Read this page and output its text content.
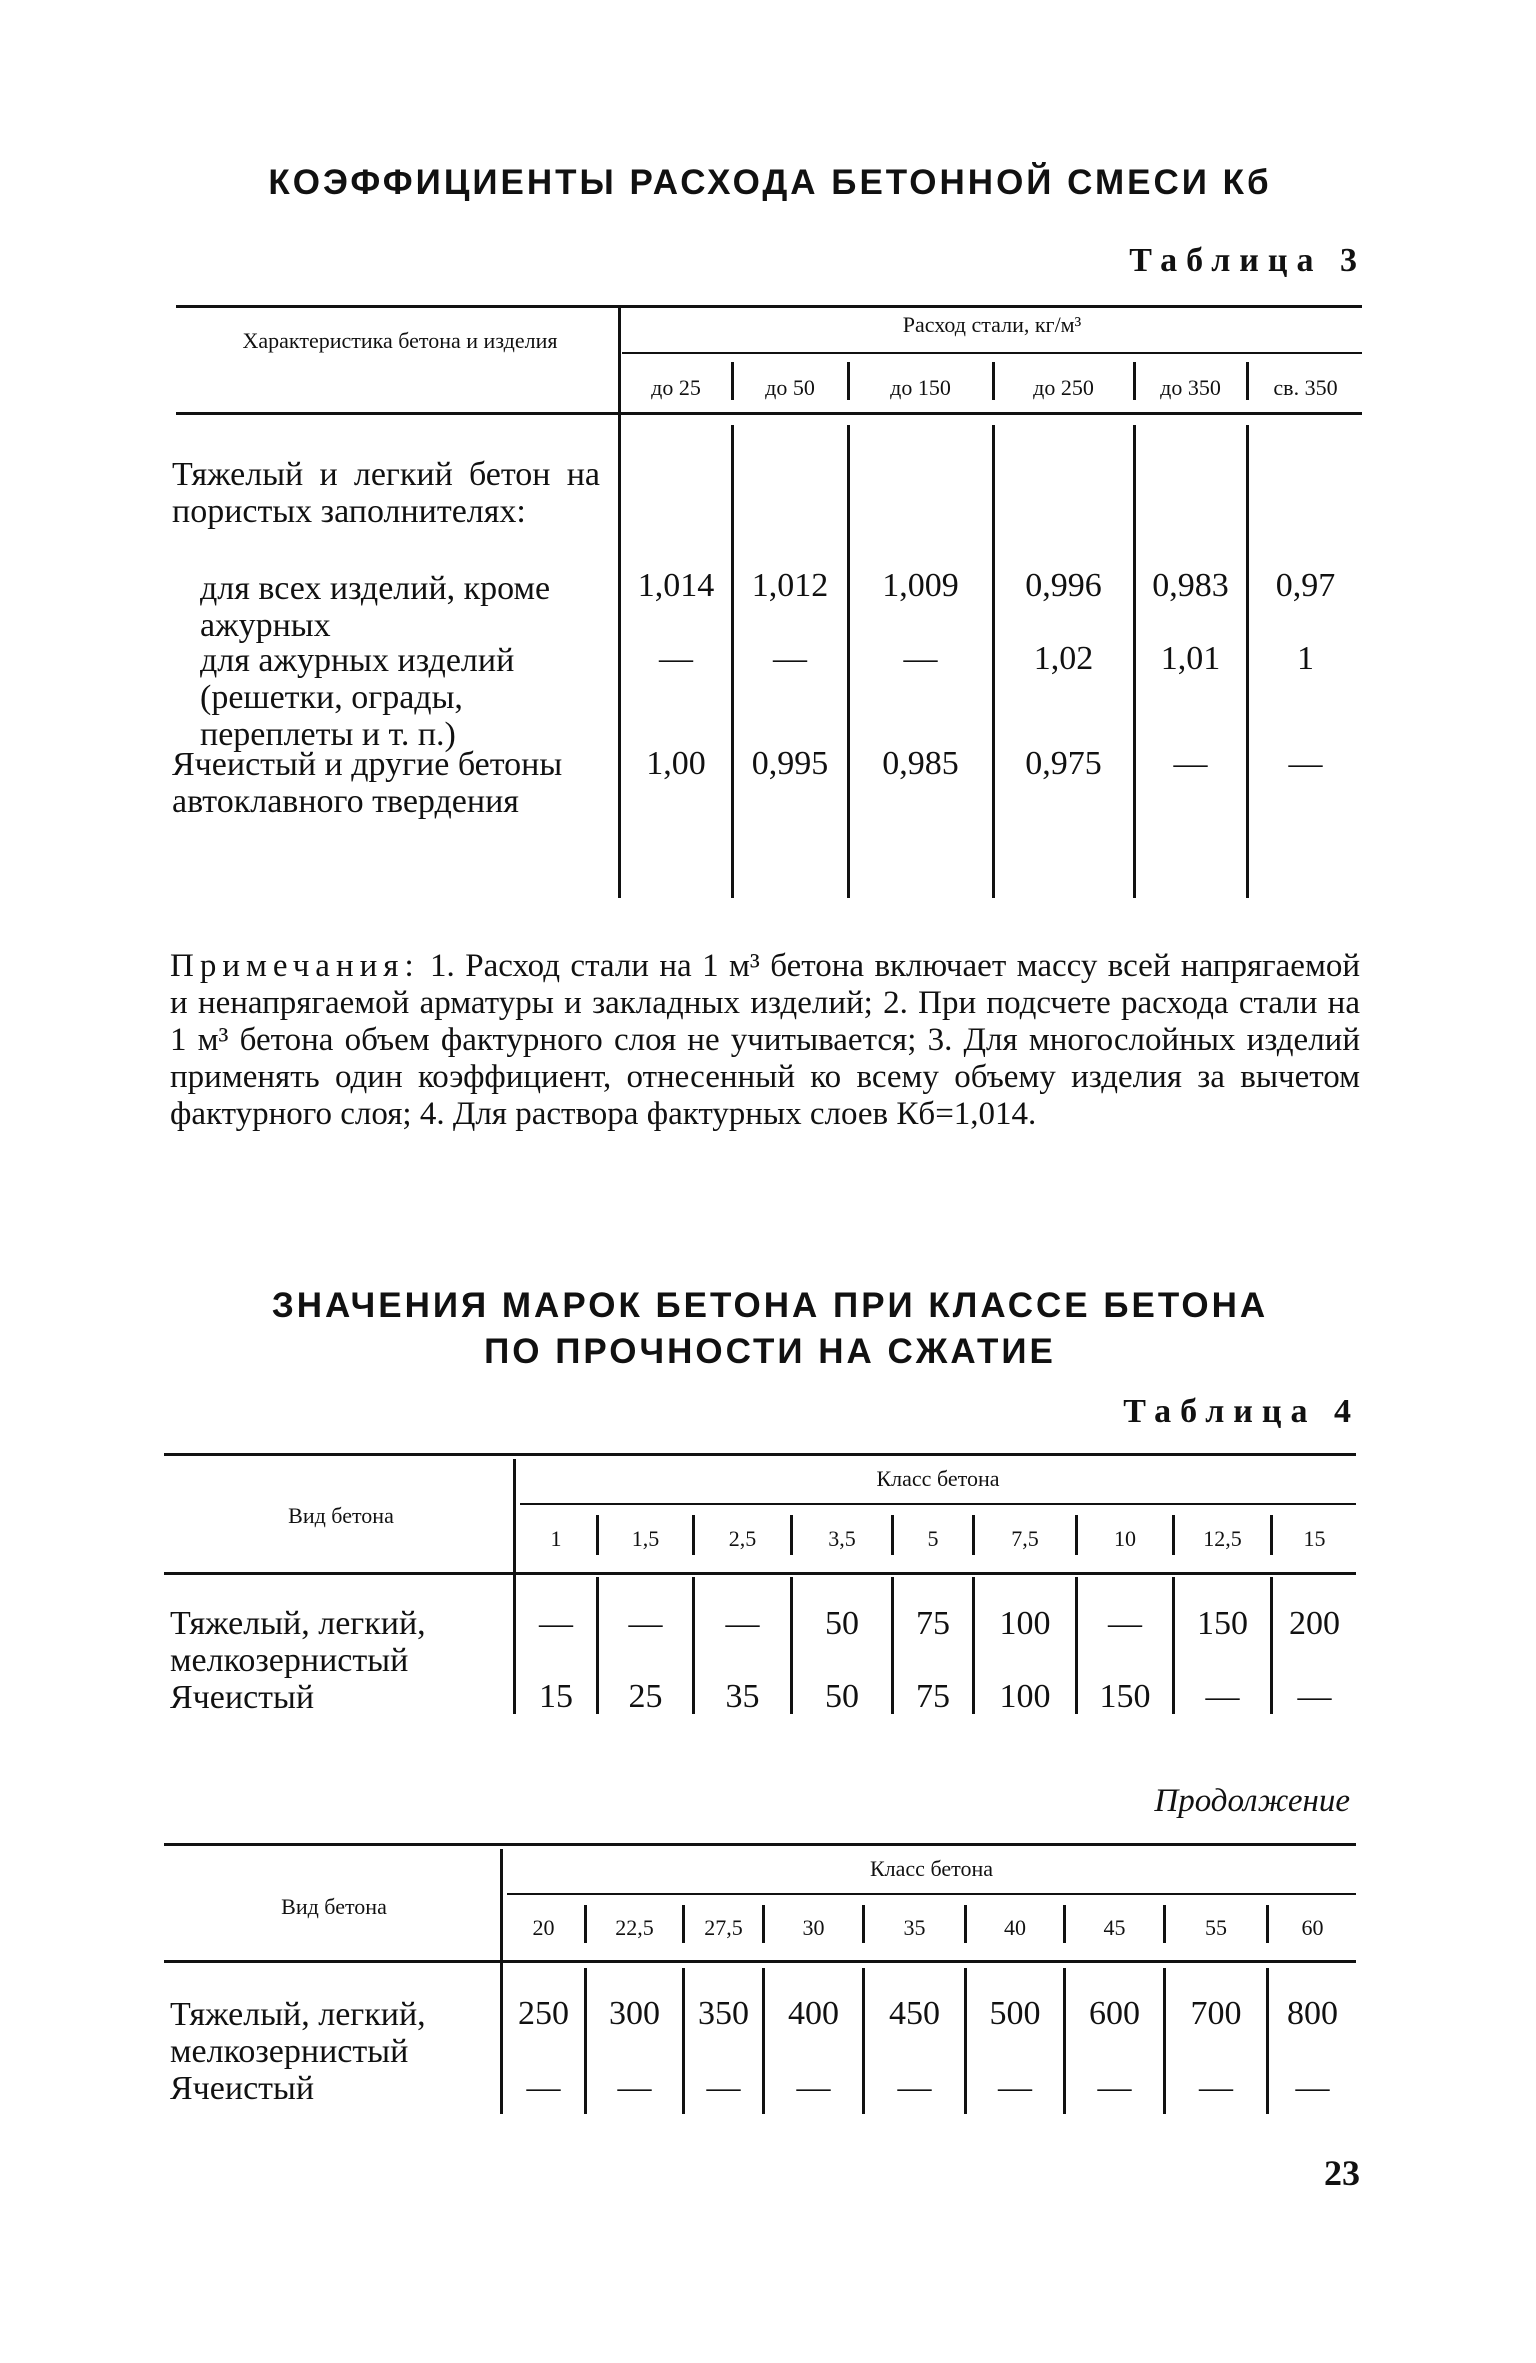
КОЭФФИЦИЕНТЫ РАСХОДА БЕТОННОЙ СМЕСИ Кб
Таблица 3
Характеристика бетона и изделия
Расход стали, кг/м³
до 25	до 50	до 150	до 250	до 350	св. 350
Тяжелый и легкий бетон на пористых заполнителях:
для всех изделий, кроме ажурных
1,014	1,012	1,009	0,996	0,983	0,97
для ажурных изделий (решетки, ограды, переплеты и т. п.)
—	—	—	1,02	1,01	1
Ячеистый и другие бетоны автоклавного твердения
1,00	0,995	0,985	0,975	—	—
Примечания: 1. Расход стали на 1 м³ бетона включает массу всей напрягаемой и ненапрягаемой арматуры и закладных изделий; 2. При подсчете расхода стали на 1 м³ бетона объем фактурного слоя не учитывается; 3. Для многослойных изделий применять один коэффициент, отнесенный ко всему объему изделия за вычетом фактурного слоя; 4. Для раствора фактурных слоев Кб=1,014.
ЗНАЧЕНИЯ МАРОК БЕТОНА ПРИ КЛАССЕ БЕТОНА
ПО ПРОЧНОСТИ НА СЖАТИЕ
Таблица 4
Вид бетона
Класс бетона
1	1,5	2,5	3,5	5	7,5	10	12,5	15
Тяжелый, легкий, мелкозернистый
—	—	—	50	75	100	—	150	200
Ячеистый	15	25	35	50	75	100	150	—	—
Продолжение
Вид бетона
Класс бетона
20	22,5	27,5	30	35	40	45	55	60
Тяжелый, легкий, мелкозернистый
250	300	350	400	450	500	600	700	800
Ячеистый	—	—	—	—	—	—	—	—	—
23
